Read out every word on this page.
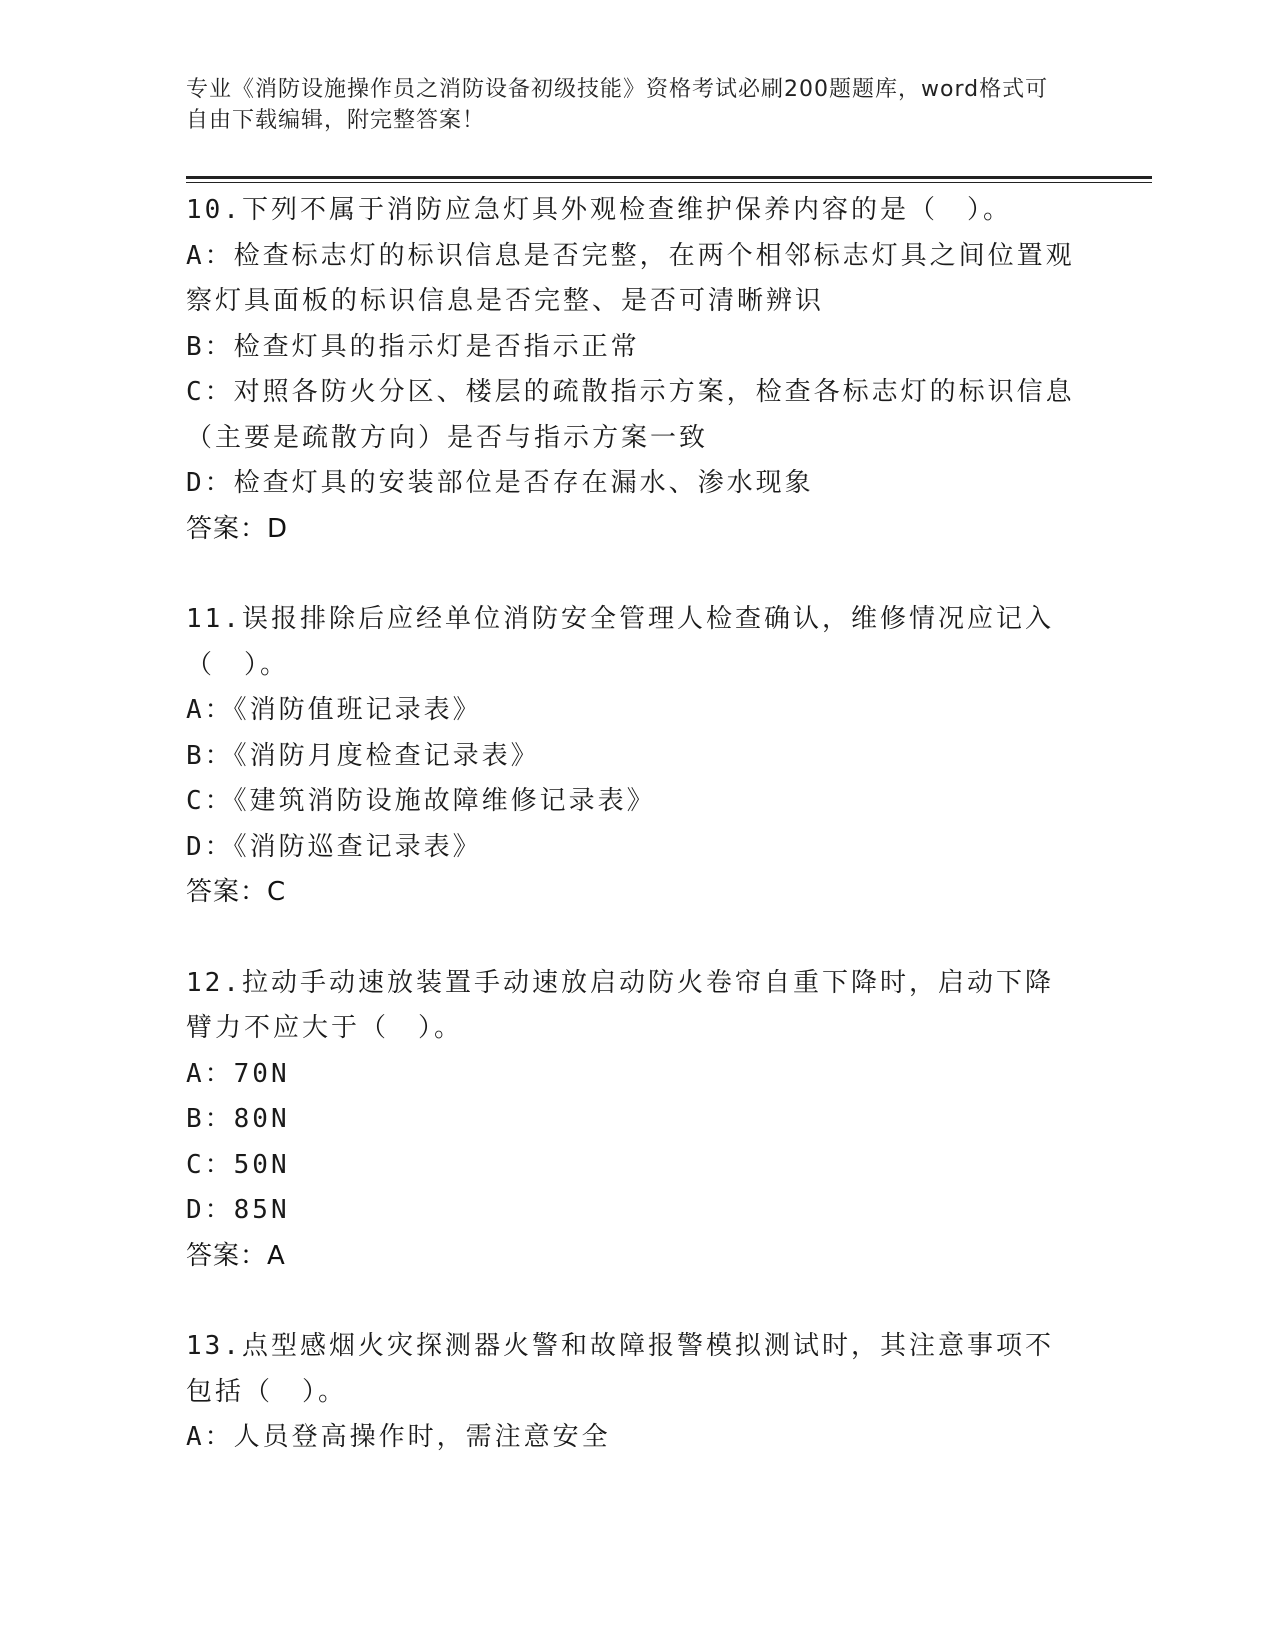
专业《消防设施操作员之消防设备初级技能》资格考试必刷200题题库，word格式可自由下载编辑，附完整答案！
10.下列不属于消防应急灯具外观检查维护保养内容的是（　）。
A：检查标志灯的标识信息是否完整，在两个相邻标志灯具之间位置观察灯具面板的标识信息是否完整、是否可清晰辨识
B：检查灯具的指示灯是否指示正常
C：对照各防火分区、楼层的疏散指示方案，检查各标志灯的标识信息（主要是疏散方向）是否与指示方案一致
D：检查灯具的安装部位是否存在漏水、渗水现象
答案：D
11.误报排除后应经单位消防安全管理人检查确认，维修情况应记入（　）。
A：《消防值班记录表》
B：《消防月度检查记录表》
C：《建筑消防设施故障维修记录表》
D：《消防巡查记录表》
答案：C
12.拉动手动速放装置手动速放启动防火卷帘自重下降时，启动下降臂力不应大于（　）。
A：70N
B：80N
C：50N
D：85N
答案：A
13.点型感烟火灾探测器火警和故障报警模拟测试时，其注意事项不包括（　）。
A：人员登高操作时，需注意安全
